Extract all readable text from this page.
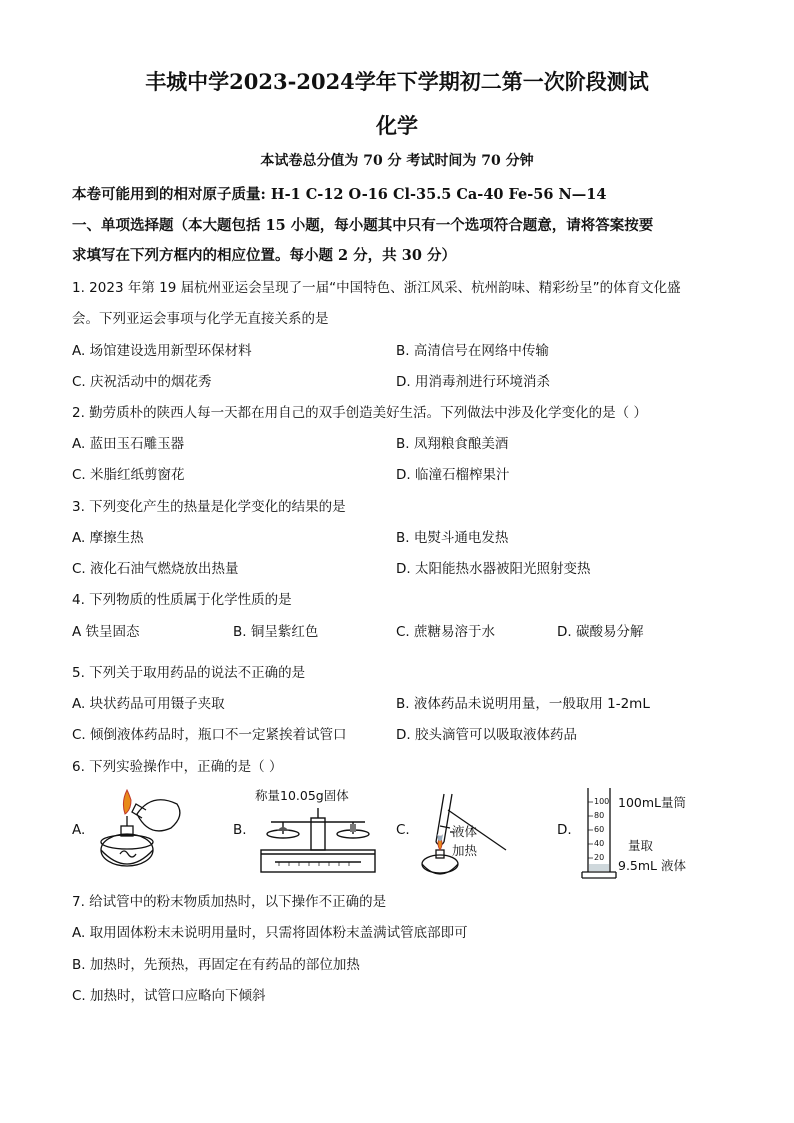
丰城中学2023-2024学年下学期初二第一次阶段测试
化学
本试卷总分值为 70 分 考试时间为 70 分钟
本卷可能用到的相对原子质量: H-1 C-12 O-16 Cl-35.5 Ca-40 Fe-56 N—14
一、单项选择题（本大题包括 15 小题，每小题其中只有一个选项符合题意，请将答案按要
求填写在下列方框内的相应位置。每小题 2 分，共 30 分）
1. 2023 年第 19 届杭州亚运会呈现了一届“中国特色、浙江风采、杭州韵味、精彩纷呈”的体育文化盛
会。下列亚运会事项与化学无直接关系的是
A. 场馆建设选用新型环保材料	B. 高清信号在网络中传输
C. 庆祝活动中的烟花秀	D. 用消毒剂进行环境消杀
2. 勤劳质朴的陕西人每一天都在用自己的双手创造美好生活。下列做法中涉及化学变化的是（ ）
A. 蓝田玉石雕玉器	B. 凤翔粮食酿美酒
C. 米脂红纸剪窗花	D. 临潼石榴榨果汁
3. 下列变化产生的热量是化学变化的结果的是
A. 摩擦生热	B. 电熨斗通电发热
C. 液化石油气燃烧放出热量	D. 太阳能热水器被阳光照射变热
4. 下列物质的性质属于化学性质的是
A 铁呈固态	B. 铜呈紫红色	C. 蔗糖易溶于水	D. 碳酸易分解
5. 下列关于取用药品的说法不正确的是
A. 块状药品可用镊子夹取	B. 液体药品未说明用量，一般取用 1-2mL
C. 倾倒液体药品时，瓶口不一定紧挨着试管口	D. 胶头滴管可以吸取液体药品
6. 下列实验操作中，正确的是（ ）
A.	B.
称量10.05g固体
C.	液体
加热
D.
100
80
60
40
20
100mL量筒
量取
9.5mL 液体
7. 给试管中的粉末物质加热时，以下操作不正确的是
A. 取用固体粉末未说明用量时，只需将固体粉末盖满试管底部即可
B. 加热时，先预热，再固定在有药品的部位加热
C. 加热时，试管口应略向下倾斜
